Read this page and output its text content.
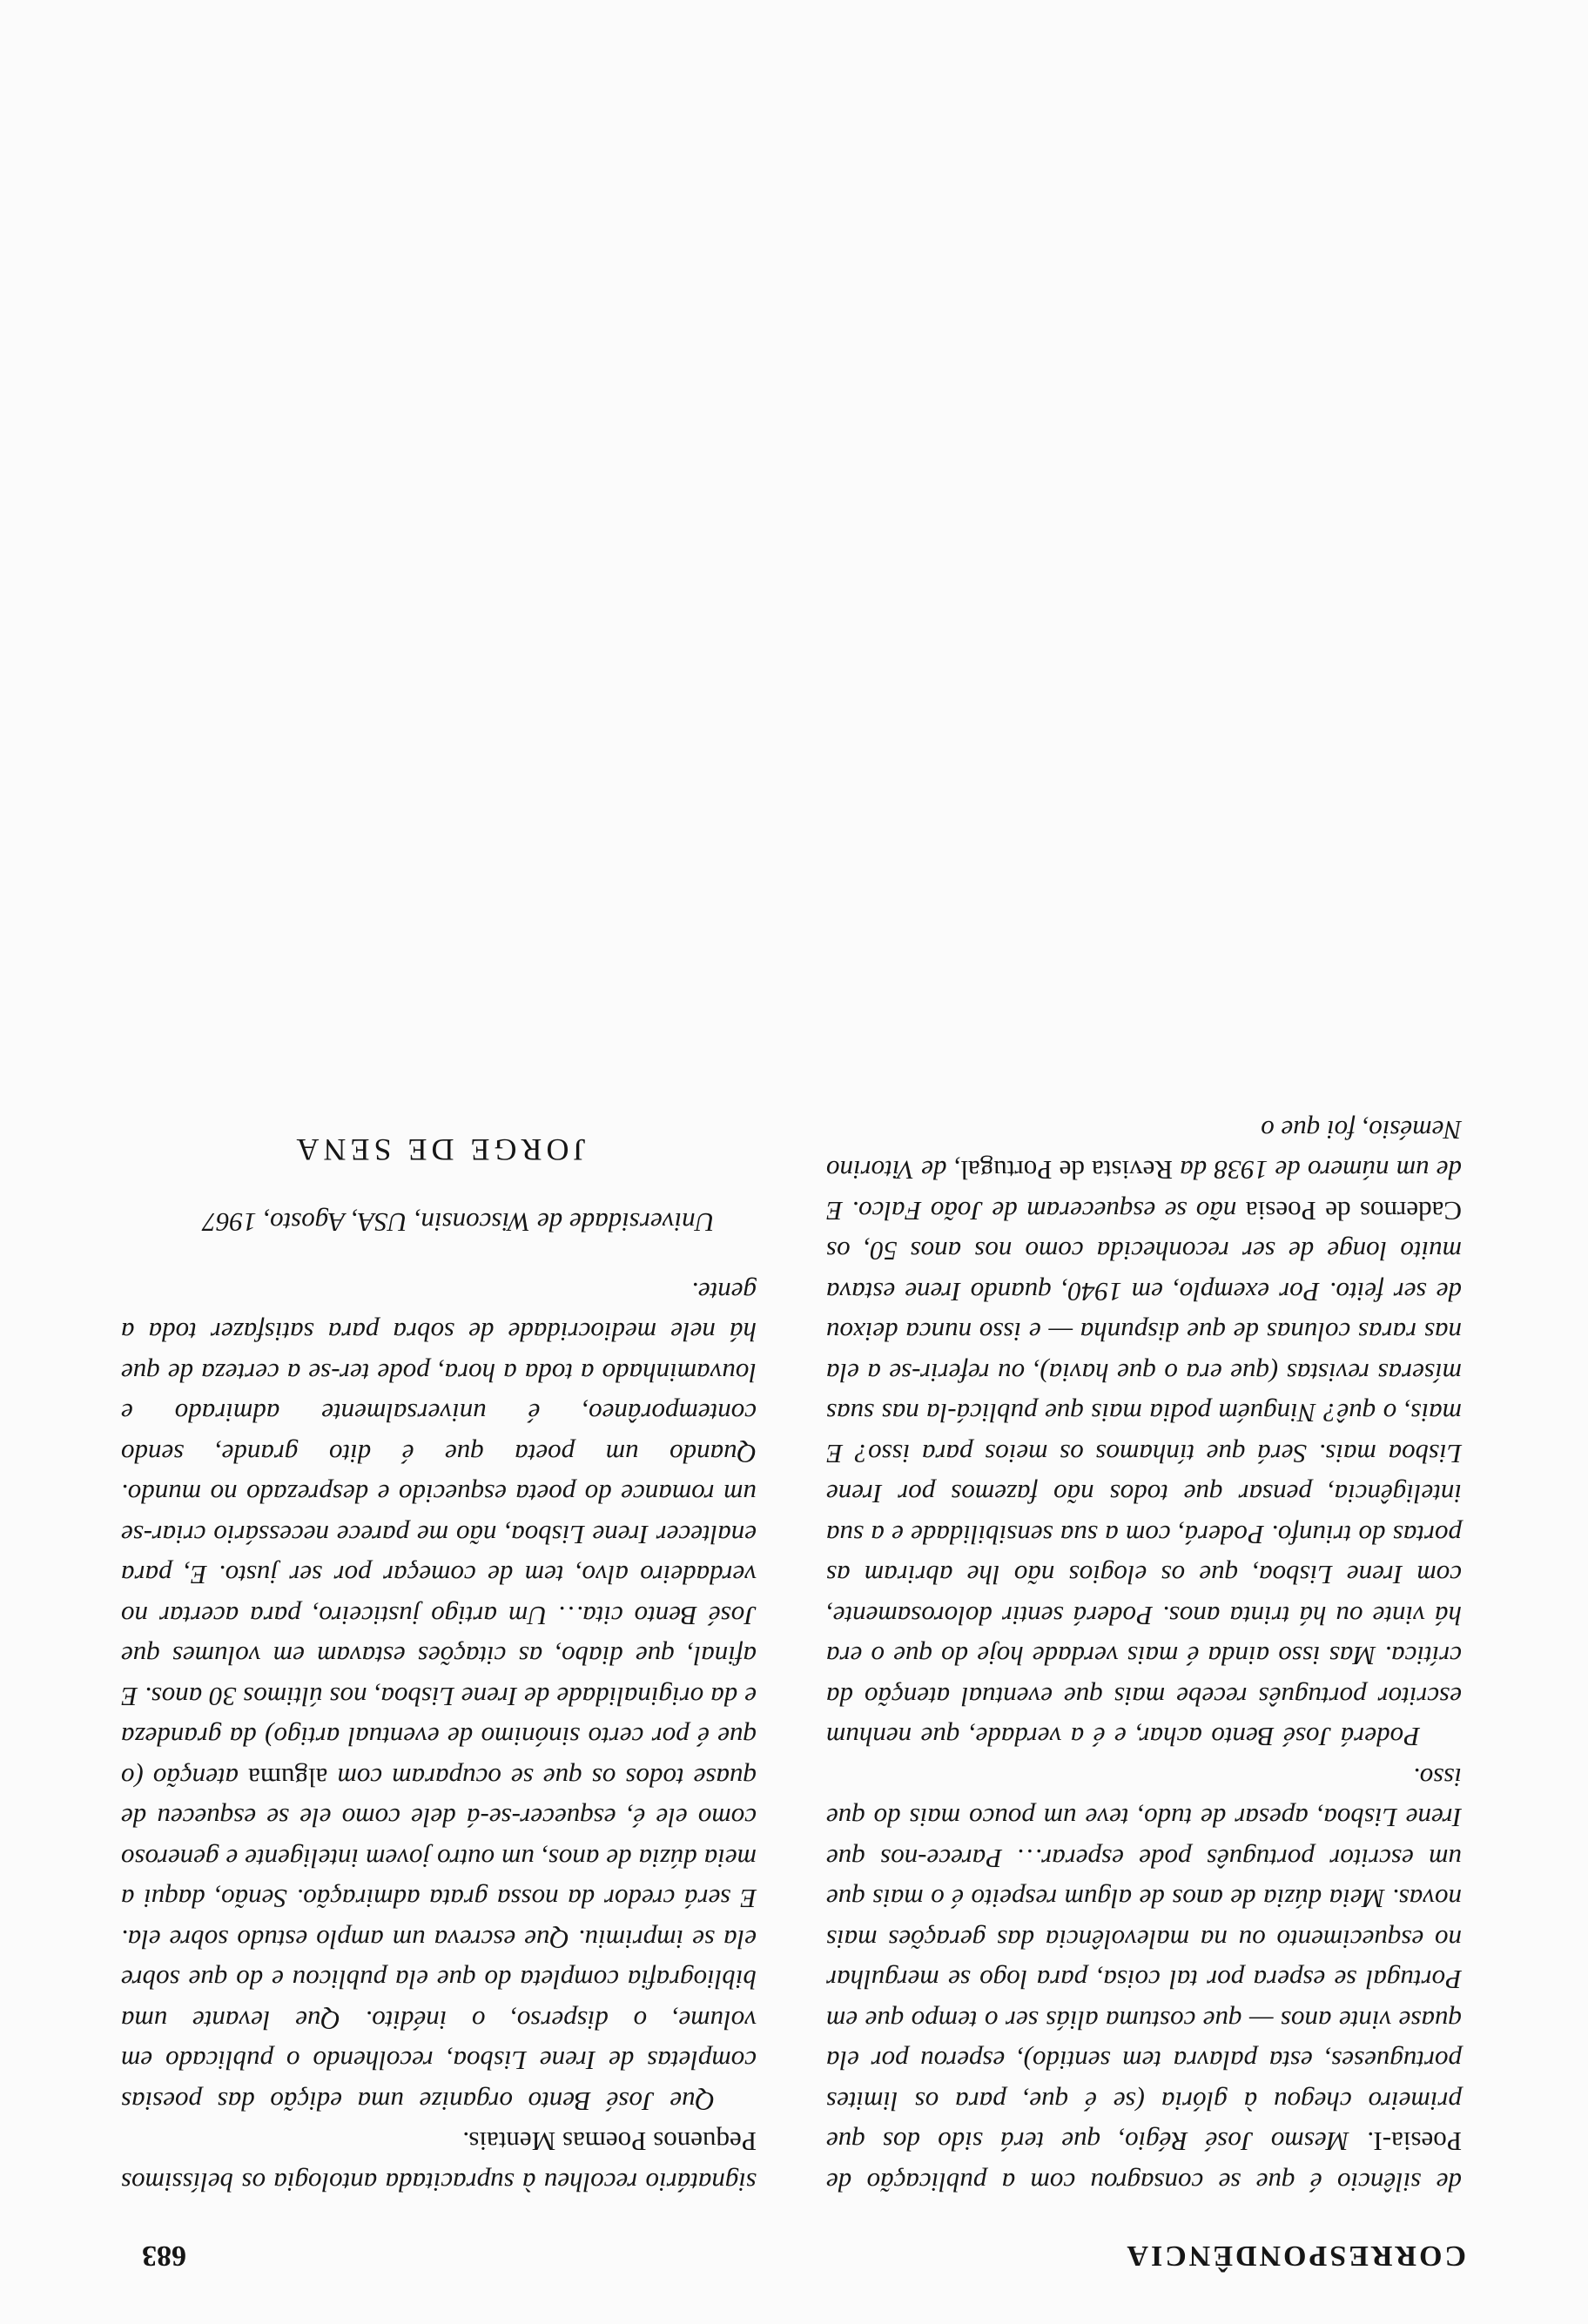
CORRESPONDÊNCIA
683

de silêncio é que se consagrou com a publicação de Poesia-I. Mesmo José Régio, que terá sido dos que primeiro chegou à glória (se é que, para os limites portugueses, esta palavra tem sentido), esperou por ela quase vinte anos — que costuma aliás ser o tempo que em Portugal se espera por tal coisa, para logo se mergulhar no esquecimento ou na malevolência das gerações mais novas. Meia dúzia de anos de algum respeito é o mais que um escritor português pode esperar… Parece-nos que Irene Lisboa, apesar de tudo, teve um pouco mais do que isso.

Poderá José Bento achar, e é a verdade, que nenhum escritor português recebe mais que eventual atenção da crítica. Mas isso ainda é mais verdade hoje do que o era há vinte ou há trinta anos. Poderá sentir dolorosamente, com Irene Lisboa, que os elogios não lhe abriram as portas do triunfo. Poderá, com a sua sensibilidade e a sua inteligência, pensar que todos não fazemos por Irene Lisboa mais. Será que tínhamos os meios para isso? E mais, o quê? Ninguém podia mais que publicá-la nas suas míseras revistas (que era o que havia), ou referir-se a ela nas raras colunas de que dispunha — e isso nunca deixou de ser feito. Por exemplo, em 1940, quando Irene estava muito longe de ser reconhecida como nos anos 50, os Cadernos de Poesia não se esqueceram de João Falco. E de um número de 1938 da Revista de Portugal, de Vitorino Nemésio, foi que o

signatário recolheu à supracitada antologia os belíssimos Pequenos Poemas Mentais.

Que José Bento organize uma edição das poesias completas de Irene Lisboa, recolhendo o publicado em volume, o disperso, o inédito. Que levante uma bibliografia completa do que ela publicou e do que sobre ela se imprimiu. Que escreva um amplo estudo sobre ela. E será credor da nossa grata admiração. Senão, daqui a meia dúzia de anos, um outro jovem inteligente e generoso como ele é, esquecer-se-á dele como ele se esqueceu de quase todos os que se ocuparam com alguma atenção (o que é por certo sinónimo de eventual artigo) da grandeza e da originalidade de Irene Lisboa, nos últimos 30 anos. E afinal, que diabo, as citações estavam em volumes que José Bento cita… Um artigo justiceiro, para acertar no verdadeiro alvo, tem de começar por ser justo. E, para enaltecer Irene Lisboa, não me parece necessário criar-se um romance do poeta esquecido e desprezado no mundo. Quando um poeta que é dito grande, sendo contemporâneo, é universalmente admirado e louvaminhado a toda a hora, pode ter-se a certeza de que há nele mediocridade de sobra para satisfazer toda a gente.

Universidade de Wisconsin, USA, Agosto, 1967

JORGE DE SENA
